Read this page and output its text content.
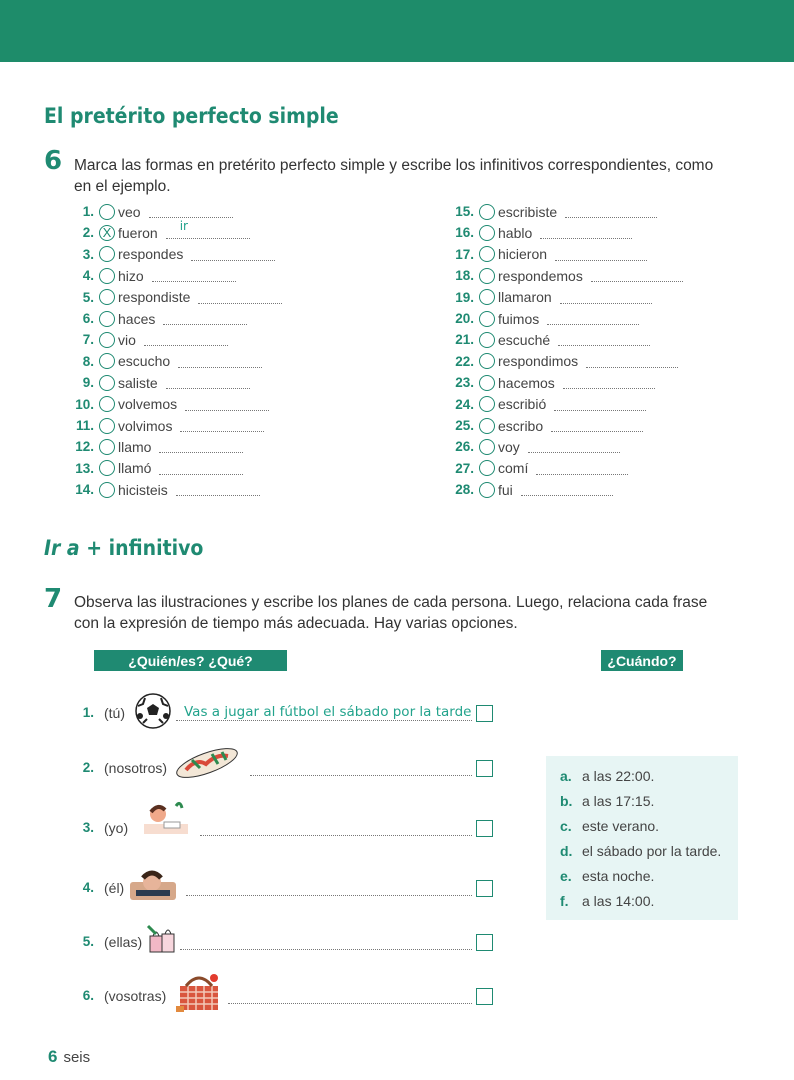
El pretérito perfecto simple
6 Marca las formas en pretérito perfecto simple y escribe los infinitivos correspondientes, como en el ejemplo.
1. veo
2. X fueron ir
3. respondes
4. hizo
5. respondiste
6. haces
7. vio
8. escucho
9. saliste
10. volvemos
11. volvimos
12. llamo
13. llamó
14. hicisteis
15. escribiste
16. hablo
17. hicieron
18. respondemos
19. llamaron
20. fuimos
21. escuché
22. respondimos
23. hacemos
24. escribió
25. escribo
26. voy
27. comí
28. fui
Ir a + infinitivo
7 Observa las ilustraciones y escribe los planes de cada persona. Luego, relaciona cada frase con la expresión de tiempo más adecuada. Hay varias opciones.
¿Quién/es? ¿Qué?	¿Cuándo?
1. (tú)	Vas a jugar al fútbol el sábado por la tarde
2. (nosotros)
3. (yo)
4. (él)
5. (ellas)
6. (vosotras)
a. a las 22:00.
b. a las 17:15.
c. este verano.
d. el sábado por la tarde.
e. esta noche.
f. a las 14:00.
6 seis
